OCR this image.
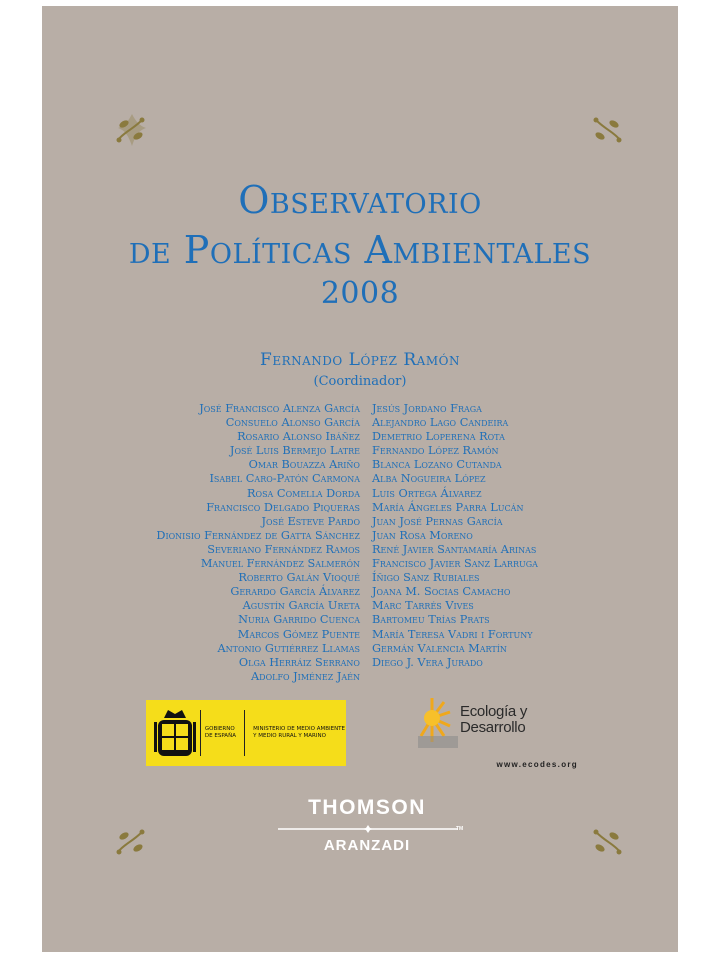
Observatorio
de Políticas Ambientales
2008
Fernando López Ramón
(Coordinador)
José Francisco Alenza García
Consuelo Alonso García
Rosario Alonso Ibáñez
José Luis Bermejo Latre
Omar Bouazza Ariño
Isabel Caro-Patón Carmona
Rosa Comella Dorda
Francisco Delgado Piqueras
José Esteve Pardo
Dionisio Fernández de Gatta Sánchez
Severiano Fernández Ramos
Manuel Fernández Salmerón
Roberto Galán Vioqué
Gerardo García Álvarez
Agustín García Ureta
Nuria Garrido Cuenca
Marcos Gómez Puente
Antonio Gutiérrez Llamas
Olga Herráiz Serrano
Adolfo Jiménez Jaén
Jesús Jordano Fraga
Alejandro Lago Candeira
Demetrio Loperena Rota
Fernando López Ramón
Blanca Lozano Cutanda
Alba Nogueira López
Luis Ortega Álvarez
María Ángeles Parra Lucán
Juan José Pernas García
Juan Rosa Moreno
René Javier Santamaría Arinas
Francisco Javier Sanz Larruga
Íñigo Sanz Rubiales
Joana M. Socias Camacho
Marc Tarrés Vives
Bartomeu Trías Prats
María Teresa Vadri i Fortuny
Germán Valencia Martín
Diego J. Vera Jurado
GOBIERNO DE ESPAÑA
MINISTERIO DE MEDIO AMBIENTE Y MEDIO RURAL Y MARINO
Ecología y Desarrollo
www.ecodes.org
THOMSON
TM
ARANZADI
